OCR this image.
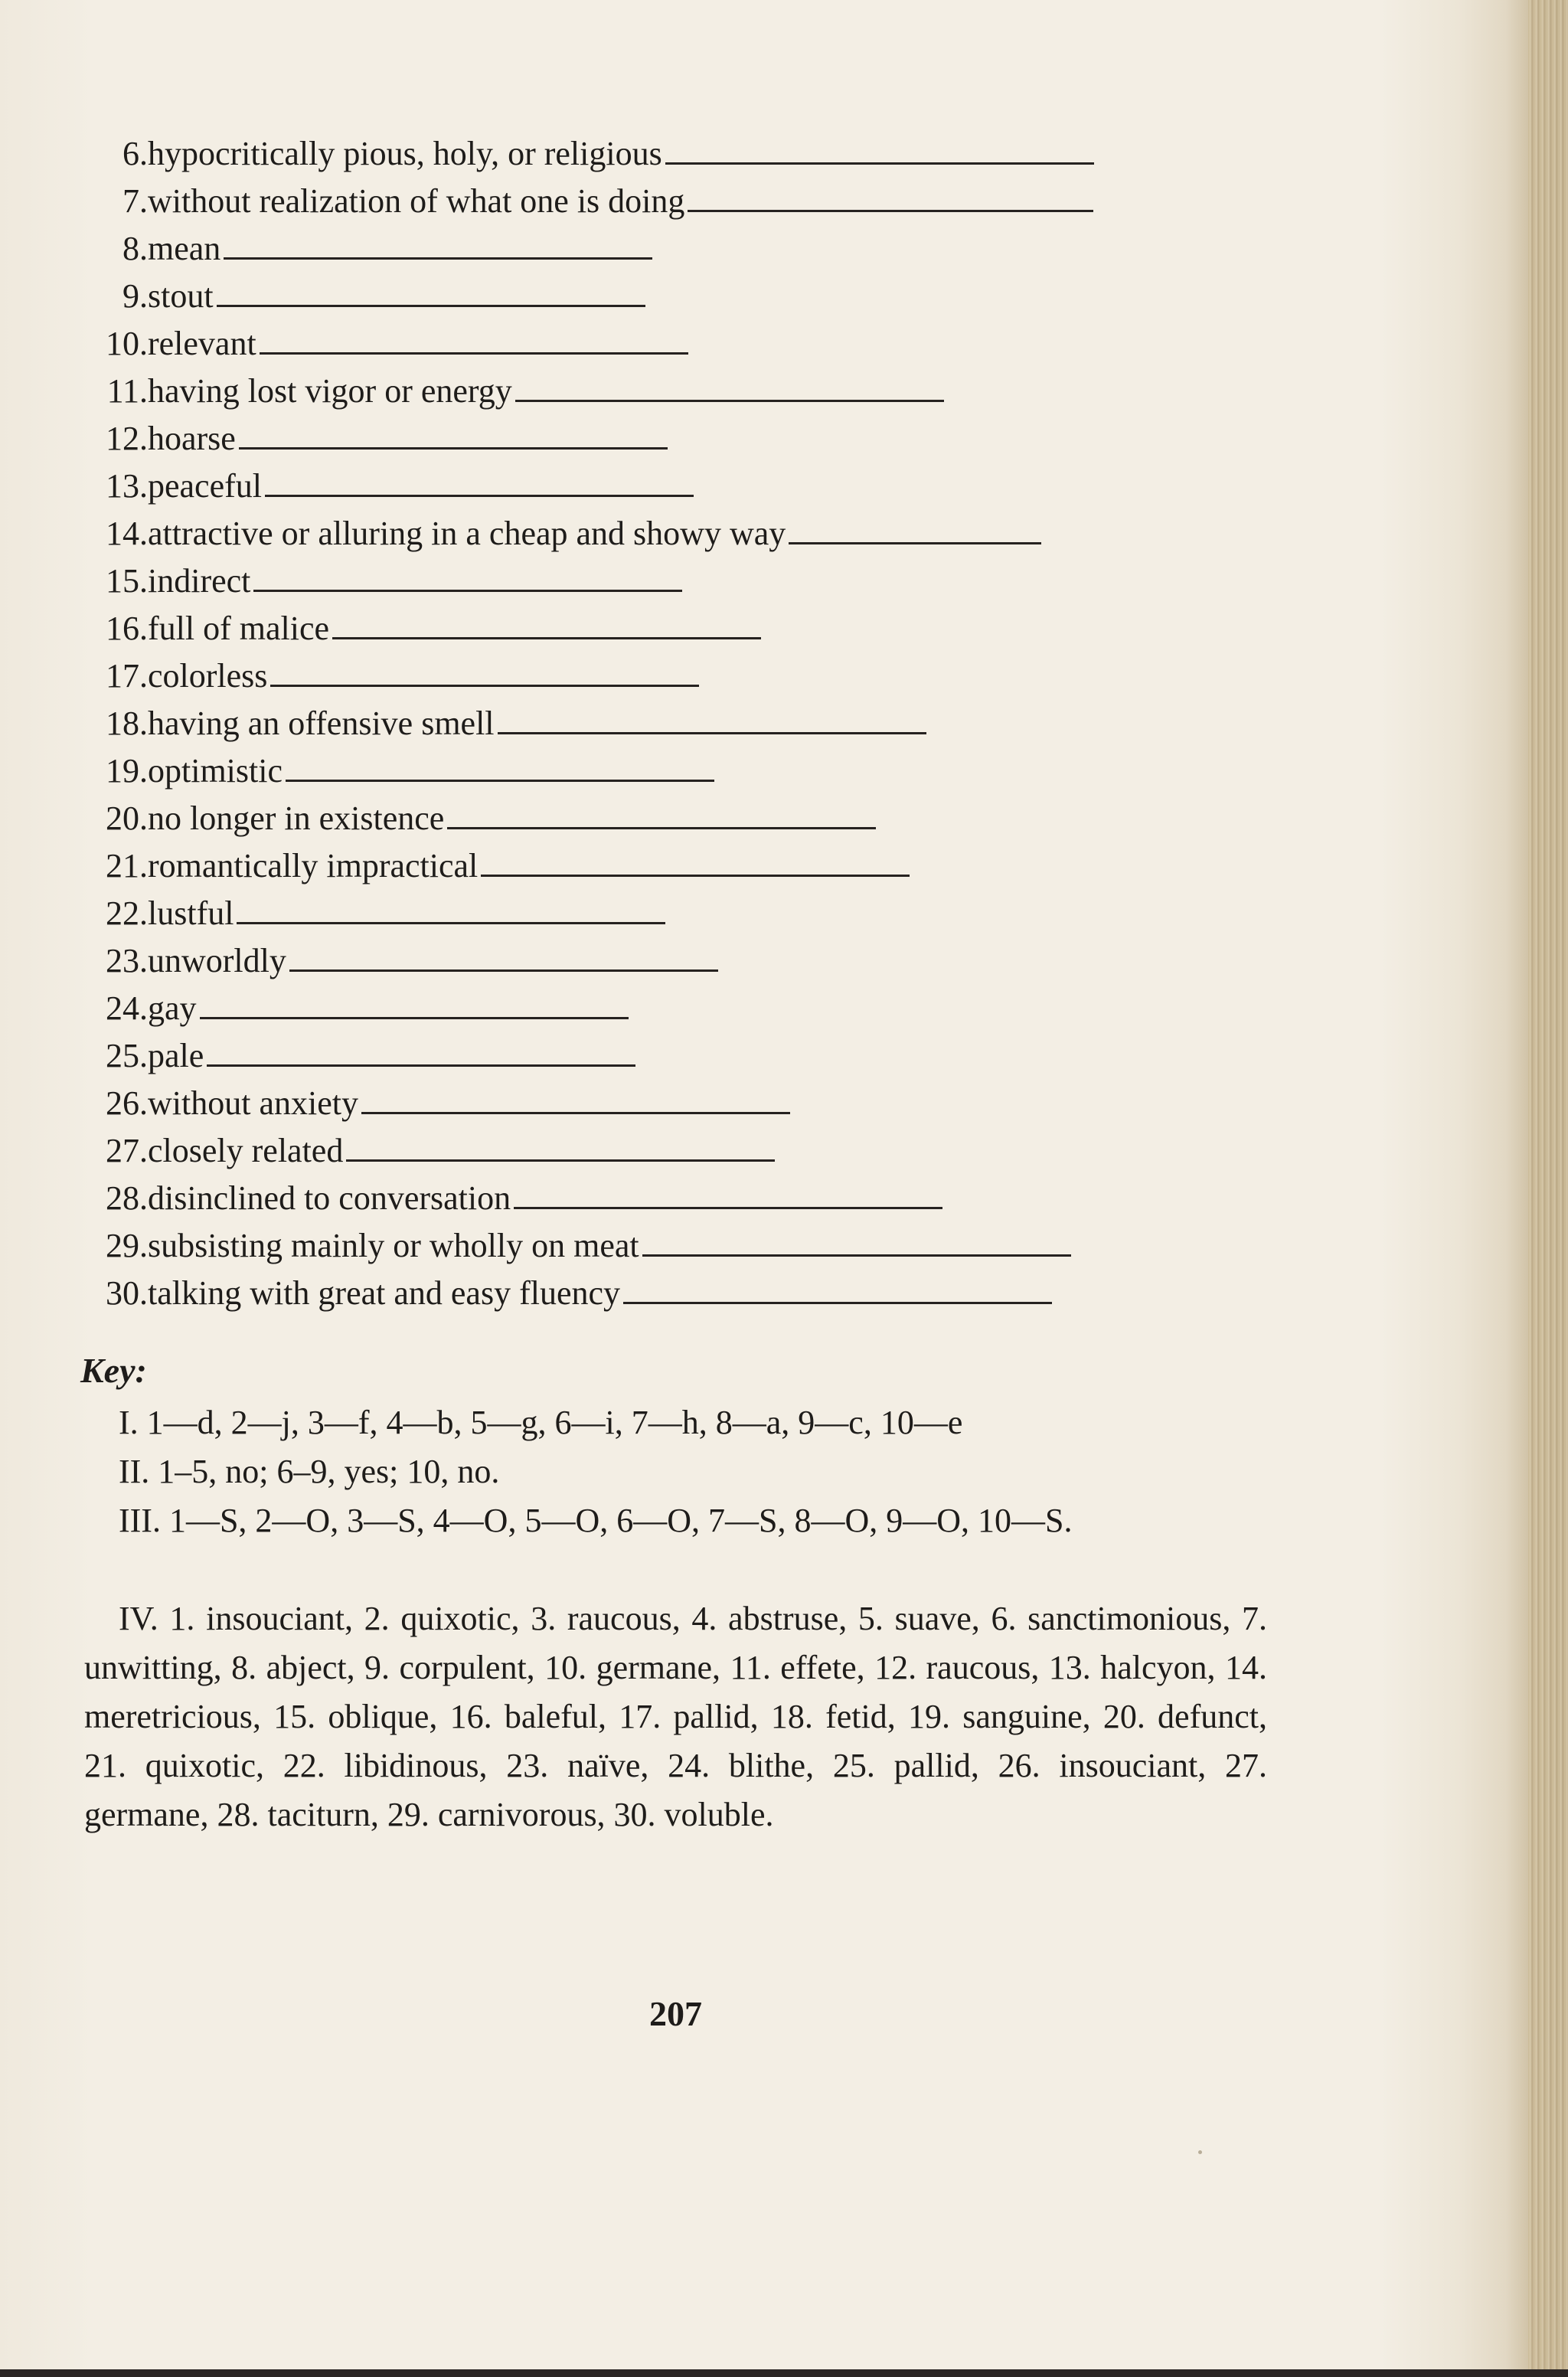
6. hypocritically pious, holy, or religious
7. without realization of what one is doing
8. mean
9. stout
10. relevant
11. having lost vigor or energy
12. hoarse
13. peaceful
14. attractive or alluring in a cheap and showy way
15. indirect
16. full of malice
17. colorless
18. having an offensive smell
19. optimistic
20. no longer in existence
21. romantically impractical
22. lustful
23. unworldly
24. gay
25. pale
26. without anxiety
27. closely related
28. disinclined to conversation
29. subsisting mainly or wholly on meat
30. talking with great and easy fluency
Key:
I. 1—d, 2—j, 3—f, 4—b, 5—g, 6—i, 7—h, 8—a, 9—c, 10—e
II. 1–5, no; 6–9, yes; 10, no.
III. 1—S, 2—O, 3—S, 4—O, 5—O, 6—O, 7—S, 8—O, 9—O, 10—S.
IV. 1. insouciant, 2. quixotic, 3. raucous, 4. abstruse, 5. suave, 6. sanctimonious, 7. unwitting, 8. abject, 9. corpulent, 10. germane, 11. effete, 12. raucous, 13. halcyon, 14. meretricious, 15. oblique, 16. baleful, 17. pallid, 18. fetid, 19. sanguine, 20. defunct, 21. quixotic, 22. libidinous, 23. naïve, 24. blithe, 25. pallid, 26. insouciant, 27. germane, 28. taciturn, 29. carnivorous, 30. voluble.
207
